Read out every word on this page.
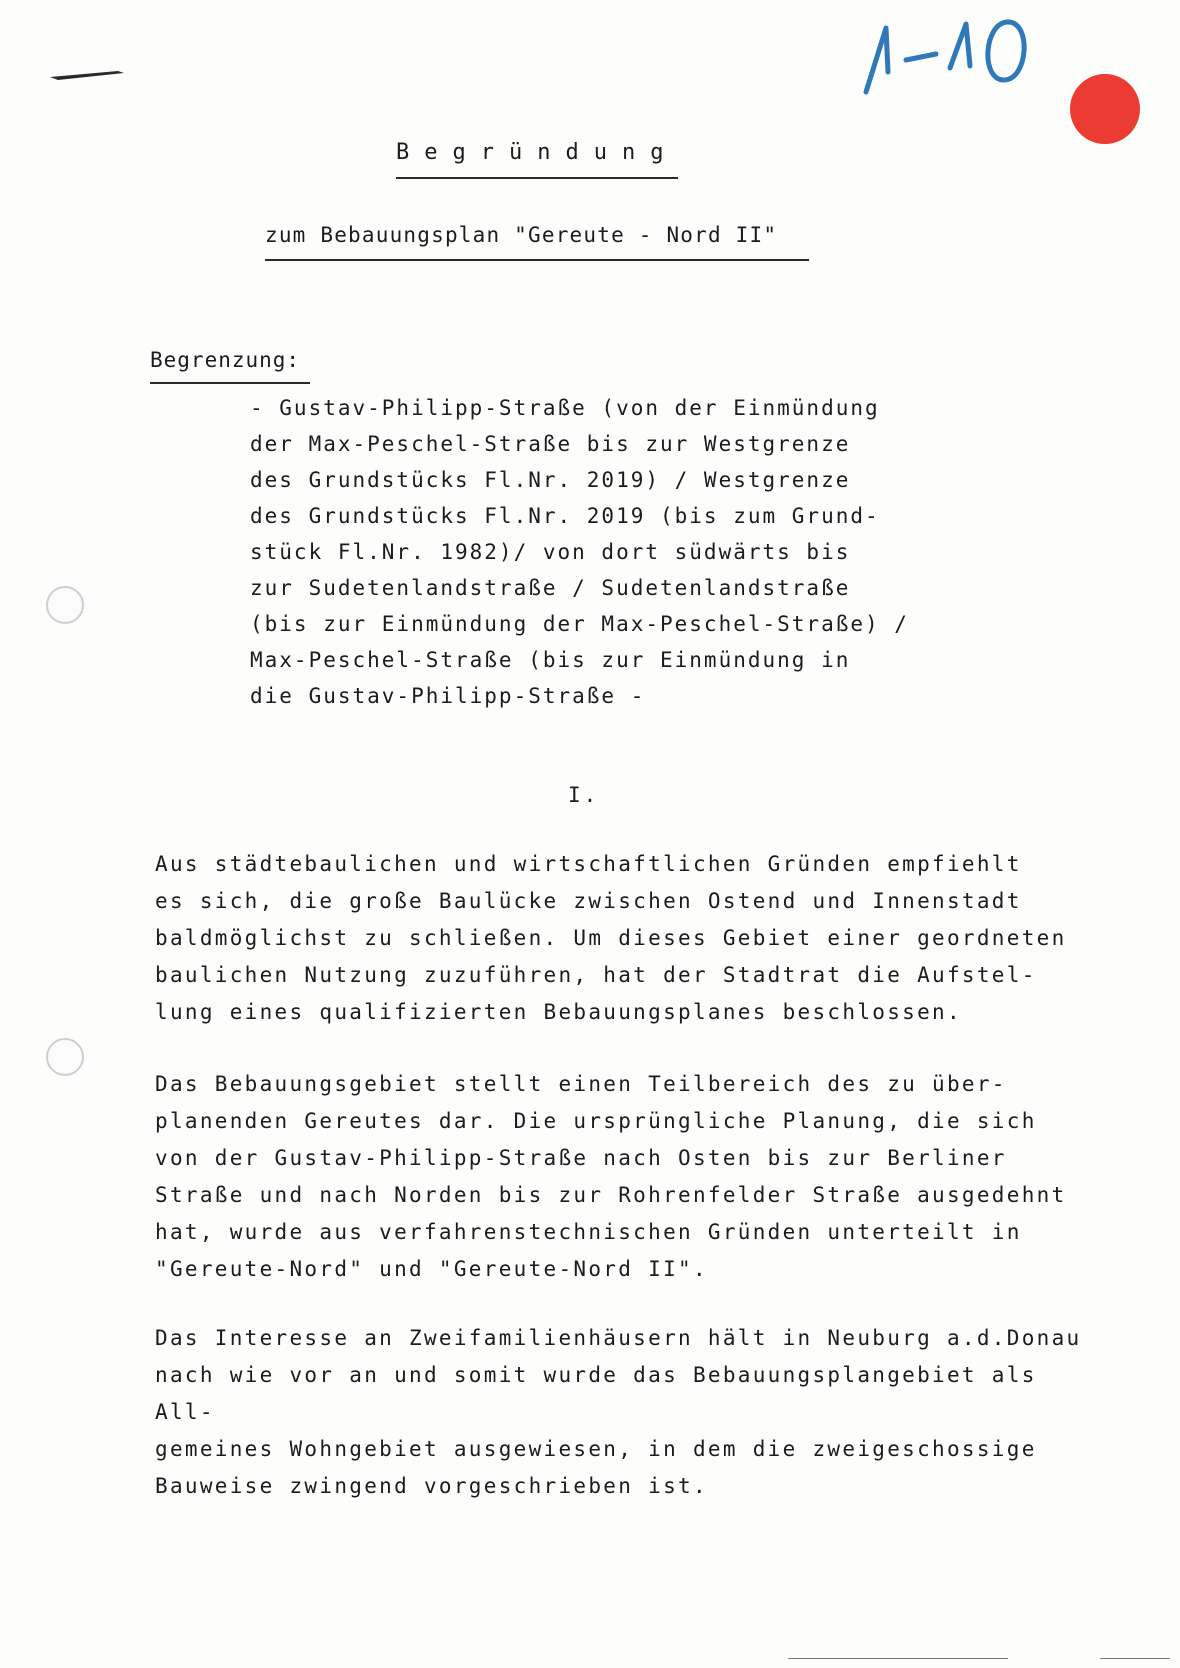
Begründung
zum Bebauungsplan "Gereute - Nord II"
Begrenzung:

- Gustav-Philipp-Straße (von der Einmündung
der Max-Peschel-Straße bis zur Westgrenze
des Grundstücks Fl.Nr. 2019) / Westgrenze
des Grundstücks Fl.Nr. 2019 (bis zum Grund-
stück Fl.Nr. 1982)/ von dort südwärts bis
zur Sudetenlandstraße / Sudetenlandstraße
(bis zur Einmündung der Max-Peschel-Straße) /
Max-Peschel-Straße (bis zur Einmündung in
die Gustav-Philipp-Straße -

I.

Aus städtebaulichen und wirtschaftlichen Gründen empfiehlt
es sich, die große Baulücke zwischen Ostend und Innenstadt
baldmöglichst zu schließen. Um dieses Gebiet einer geordneten
baulichen Nutzung zuzuführen, hat der Stadtrat die Aufstel-
lung eines qualifizierten Bebauungsplanes beschlossen.

Das Bebauungsgebiet stellt einen Teilbereich des zu über-
planenden Gereutes dar. Die ursprüngliche Planung, die sich
von der Gustav-Philipp-Straße nach Osten bis zur Berliner
Straße und nach Norden bis zur Rohrenfelder Straße ausgedehnt
hat, wurde aus verfahrenstechnischen Gründen unterteilt in
"Gereute-Nord" und "Gereute-Nord II".

Das Interesse an Zweifamilienhäusern hält in Neuburg a.d.Donau
nach wie vor an und somit wurde das Bebauungsplangebiet als All-
gemeines Wohngebiet ausgewiesen, in dem die zweigeschossige
Bauweise zwingend vorgeschrieben ist.
